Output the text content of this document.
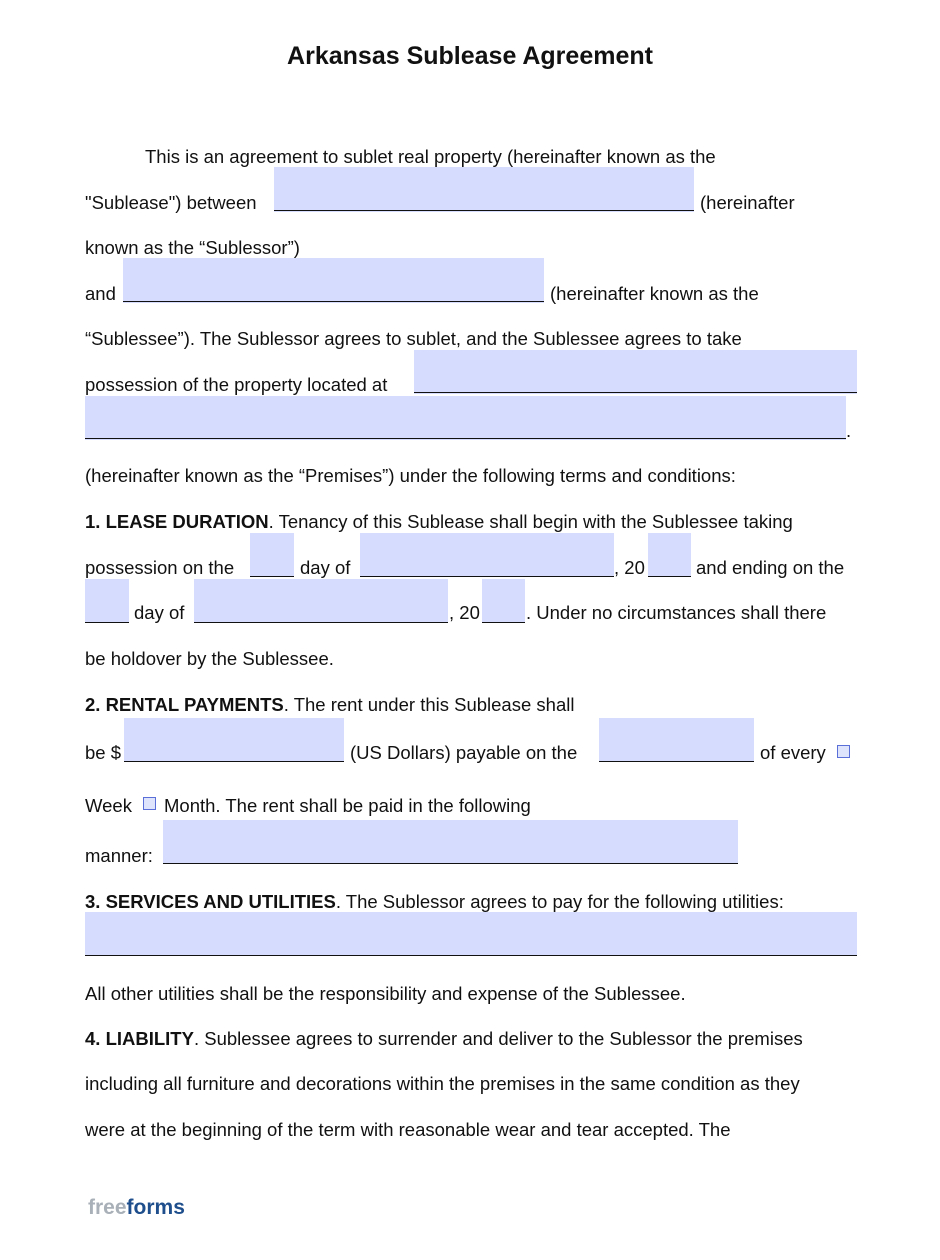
Arkansas Sublease Agreement
This is an agreement to sublet real property (hereinafter known as the
"Sublease") between	(hereinafter
known as the “Sublessor”)
and	(hereinafter known as the
“Sublessee”). The Sublessor agrees to sublet, and the Sublessee agrees to take
possession of the property located at
.
(hereinafter known as the “Premises”) under the following terms and conditions:
1. LEASE DURATION. Tenancy of this Sublease shall begin with the Sublessee taking
possession on the	day of	, 20	and ending on the
day of	, 20 . Under no circumstances shall there
be holdover by the Sublessee.
2. RENTAL PAYMENTS. The rent under this Sublease shall
be $	(US Dollars) payable on the	of every
Week Month. The rent shall be paid in the following
manner:
3. SERVICES AND UTILITIES. The Sublessor agrees to pay for the following utilities:
All other utilities shall be the responsibility and expense of the Sublessee.
4. LIABILITY. Sublessee agrees to surrender and deliver to the Sublessor the premises
including all furniture and decorations within the premises in the same condition as they
were at the beginning of the term with reasonable wear and tear accepted. The
freeforms
